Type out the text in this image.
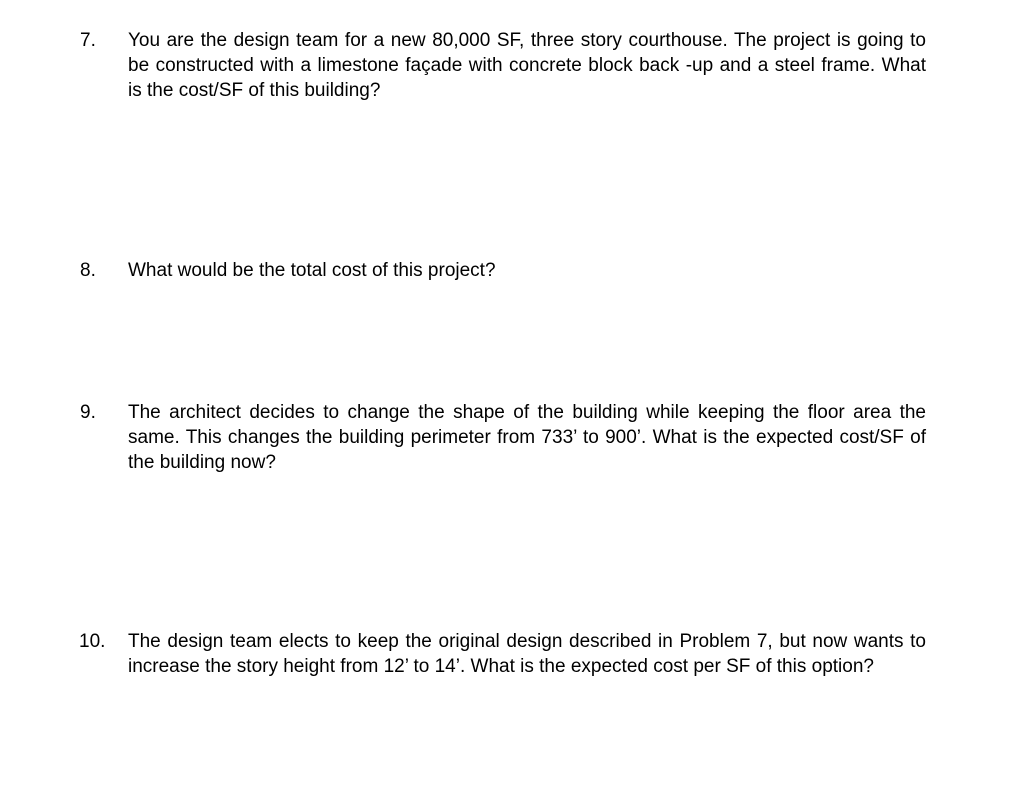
7. You are the design team for a new 80,000 SF, three story courthouse. The project is going to be constructed with a limestone façade with concrete block back -up and a steel frame. What is the cost/SF of this building?
8. What would be the total cost of this project?
9. The architect decides to change the shape of the building while keeping the floor area the same. This changes the building perimeter from 733’ to 900’. What is the expected cost/SF of the building now?
10. The design team elects to keep the original design described in Problem 7, but now wants to increase the story height from 12’ to 14’. What is the expected cost per SF of this option?
